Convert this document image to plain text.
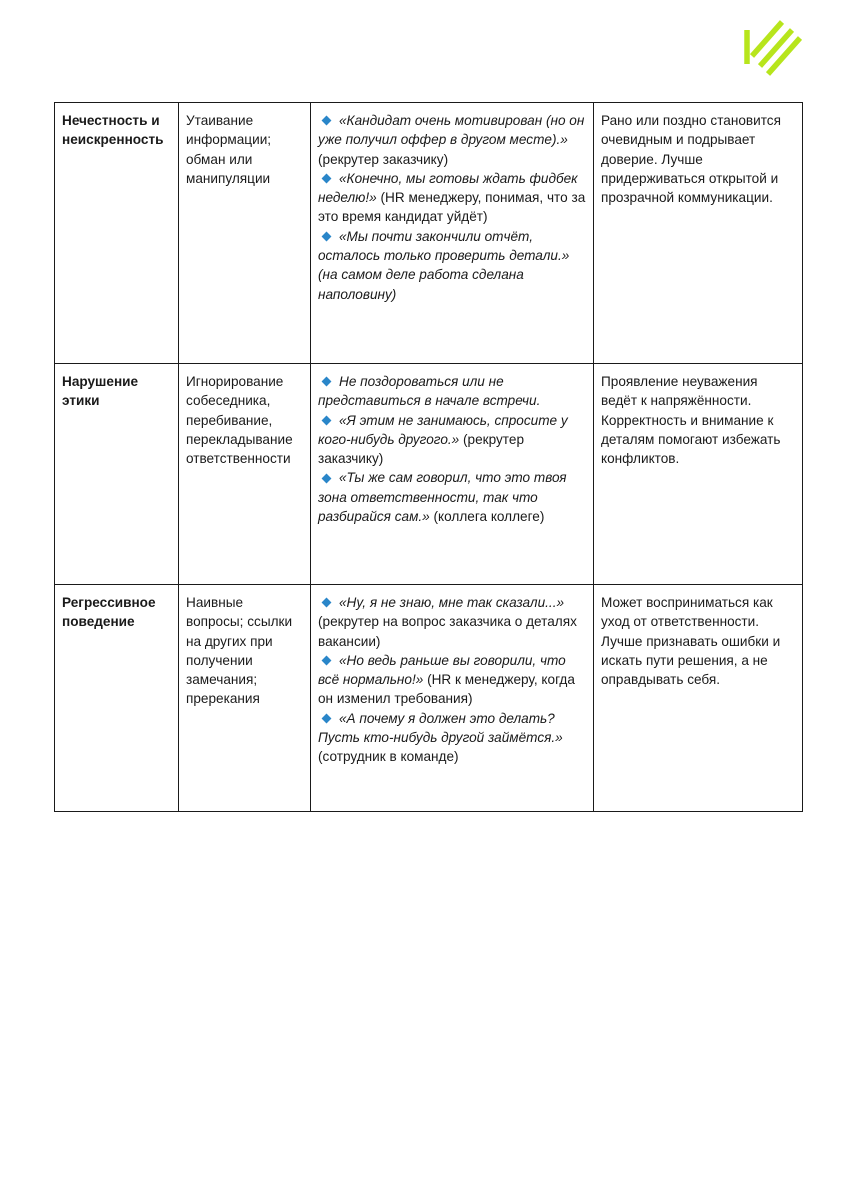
Нечестность и неискренность	Утаивание информации; обман или манипуляции	«Кандидат очень мотивирован (но он уже получил оффер в другом месте).» (рекрутер заказчику)
«Конечно, мы готовы ждать фидбек неделю!» (HR менеджеру, понимая, что за это время кандидат уйдёт)
«Мы почти закончили отчёт, осталось только проверить детали.» (на самом деле работа сделана наполовину)	Рано или поздно становится очевидным и подрывает доверие. Лучше придерживаться открытой и прозрачной коммуникации.
Нарушение этики	Игнорирование собеседника, перебивание, перекладывание ответственности	Не поздороваться или не представиться в начале встречи.
«Я этим не занимаюсь, спросите у кого-нибудь другого.» (рекрутер заказчику)
«Ты же сам говорил, что это твоя зона ответственности, так что разбирайся сам.» (коллега коллеге)	Проявление неуважения ведёт к напряжённости. Корректность и внимание к деталям помогают избежать конфликтов.
Регрессивное поведение	Наивные вопросы; ссылки на других при получении замечания; пререкания	«Ну, я не знаю, мне так сказали...» (рекрутер на вопрос заказчика о деталях вакансии)
«Но ведь раньше вы говорили, что всё нормально!» (HR к менеджеру, когда он изменил требования)
«А почему я должен это делать? Пусть кто-нибудь другой займётся.» (сотрудник в команде)	Может восприниматься как уход от ответственности. Лучше признавать ошибки и искать пути решения, а не оправдывать себя.
